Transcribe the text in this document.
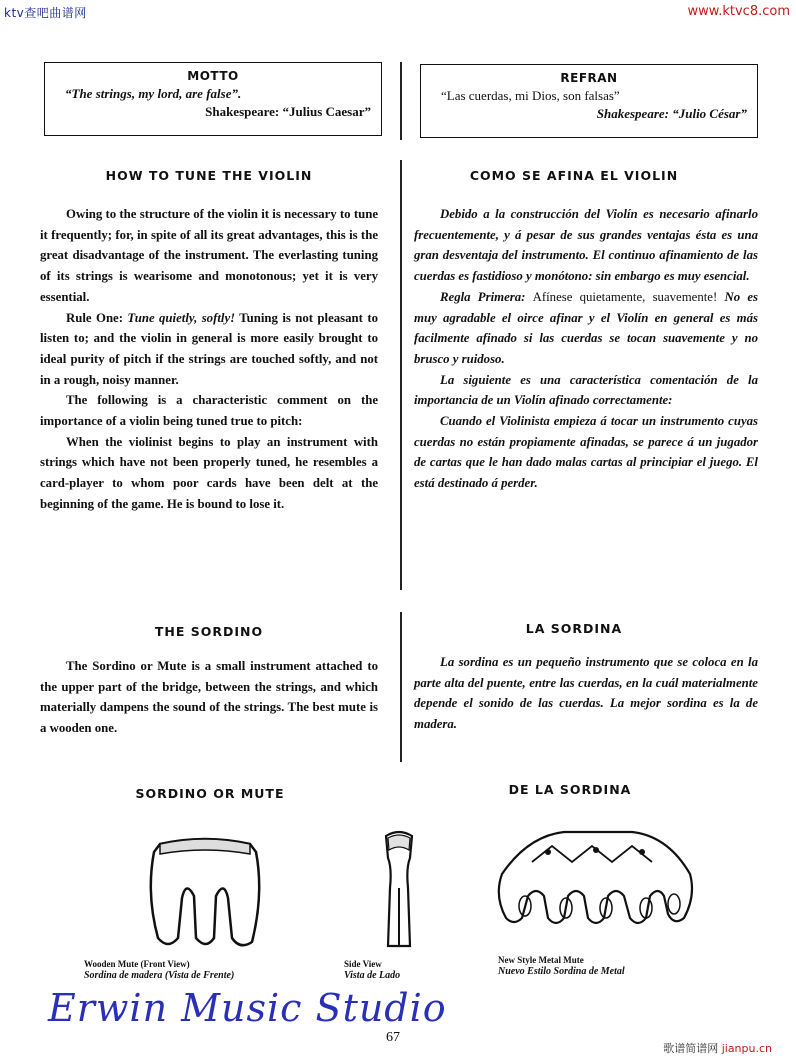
ktv查吧曲谱网	www.ktvc8.com
MOTTO
“The strings, my lord, are false”.
Shakespeare: “Julius Caesar”
REFRAN
“Las cuerdas, mi Dios, son falsas”
Shakespeare: “Julio César”
HOW TO TUNE THE VIOLIN	COMO SE AFINA EL VIOLIN

Owing to the structure of the violin it is necessary to tune it frequently; for, in spite of all its great advantages, this is the great disadvantage of the instrument. The everlasting tuning of its strings is wearisome and monotonous; yet it is very essential.

Rule One: Tune quietly, softly! Tuning is not pleasant to listen to; and the violin in general is more easily brought to ideal purity of pitch if the strings are touched softly, and not in a rough, noisy manner.

The following is a characteristic comment on the importance of a violin being tuned true to pitch:

When the violinist begins to play an instrument with strings which have not been properly tuned, he resembles a card-player to whom poor cards have been delt at the beginning of the game. He is bound to lose it.

Debido a la construcción del Violín es necesario afinarlo frecuentemente, y á pesar de sus grandes ventajas ésta es una gran desventaja del instrumento. El continuo afinamiento de las cuerdas es fastidioso y monótono: sin embargo es muy esencial.

Regla Primera: Afínese quietamente, suavemente! No es muy agradable el oirce afinar y el Violín en general es más facilmente afinado si las cuerdas se tocan suavemente y no brusco y ruidoso.

La siguiente es una característica comentación de la importancia de un Violín afinado correctamente:

Cuando el Violinista empieza á tocar un instrumento cuyas cuerdas no están propiamente afinadas, se parece á un jugador de cartas que le han dado malas cartas al principiar el juego. El está destinado á perder.

THE SORDINO	LA SORDINA

The Sordino or Mute is a small instrument attached to the upper part of the bridge, between the strings, and which materially dampens the sound of the strings. The best mute is a wooden one.

La sordina es un pequeño instrumento que se coloca en la parte alta del puente, entre las cuerdas, en la cuál materialmente depende el sonido de las cuerdas. La mejor sordina es la de madera.

SORDINO OR MUTE	DE LA SORDINA
Wooden Mute (Front View)
Sordina de madera (Vista de Frente)
Side View
Vista de Lado
New Style Metal Mute
Nuevo Estilo Sordina de Metal
Erwin Music Studio
67
歌谱简谱网 jianpu.cn
